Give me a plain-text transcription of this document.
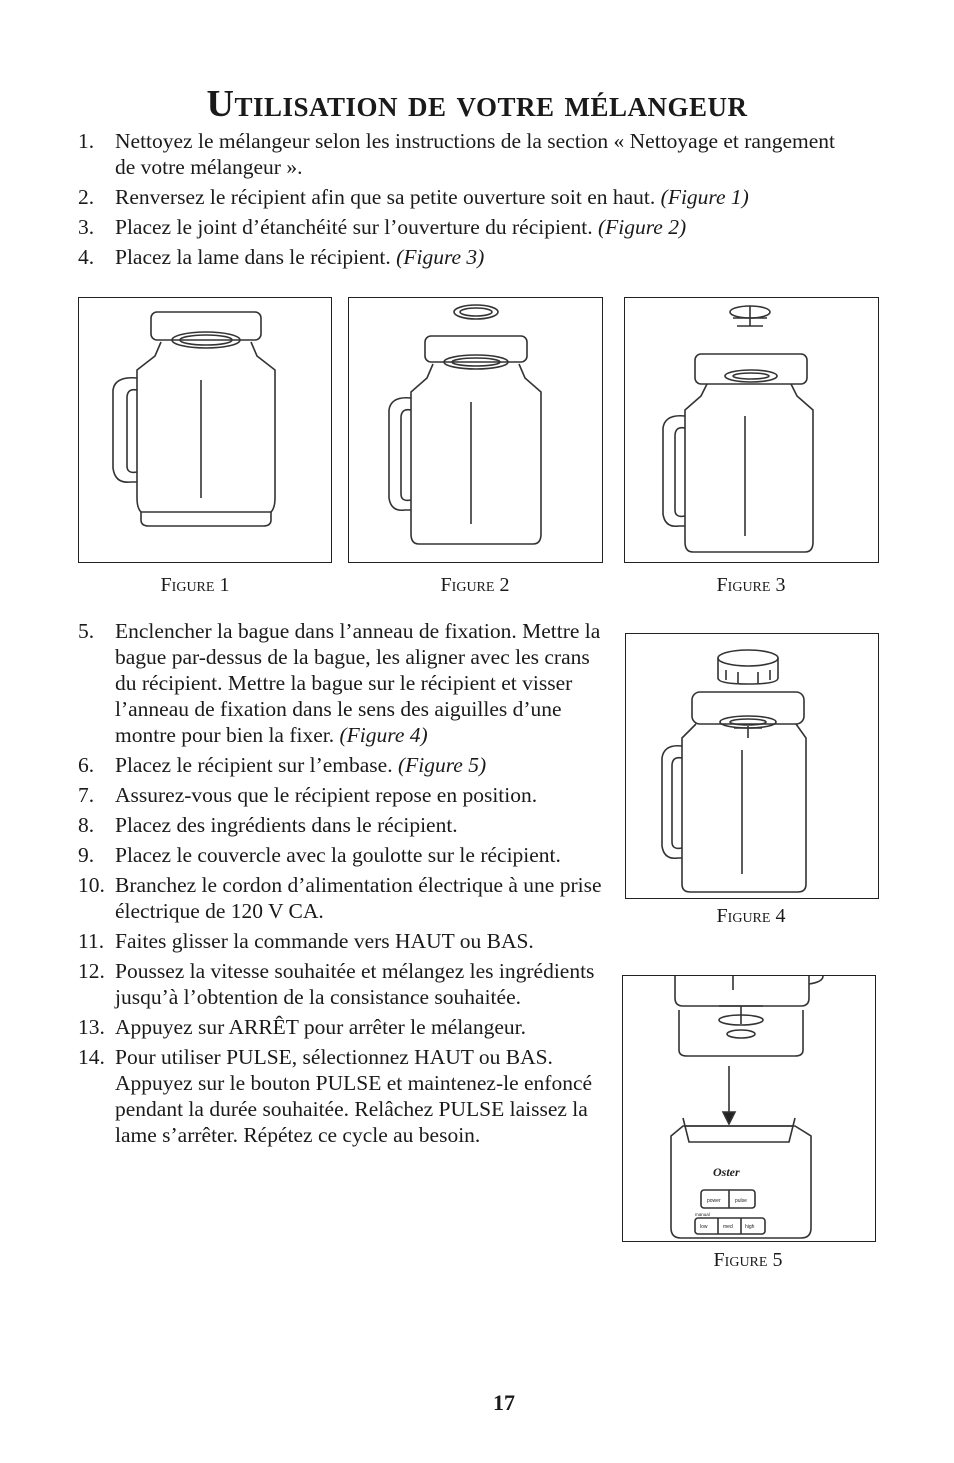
Utilisation de votre mélangeur
1. Nettoyez le mélangeur selon les instructions de la section « Nettoyage et rangement de votre mélangeur ».
2. Renversez le récipient afin que sa petite ouverture soit en haut. (Figure 1)
3. Placez le joint d’étanchéité sur l’ouverture du récipient. (Figure 2)
4. Placez la lame dans le récipient. (Figure 3)
Figure 1	Figure 2	Figure 3
5. Enclencher la bague dans l’anneau de fixation. Mettre la bague par-dessus de la bague, les aligner avec les crans du récipient. Mettre la bague sur le récipient et visser l’anneau de fixation dans le sens des aiguilles d’une montre pour bien la fixer. (Figure 4)
6. Placez le récipient sur l’embase. (Figure 5)
7. Assurez-vous que le récipient repose en position.
8. Placez des ingrédients dans le récipient.
9. Placez le couvercle avec la goulotte sur le récipient.
10. Branchez le cordon d’alimentation électrique à une prise électrique de 120 V CA.
11. Faites glisser la commande vers HAUT ou BAS.
12. Poussez la vitesse souhaitée et mélangez les ingrédients jusqu’à l’obtention de la consistance souhaitée.
13. Appuyez sur ARRÊT pour arrêter le mélangeur.
14. Pour utiliser PULSE, sélectionnez HAUT ou BAS. Appuyez sur le bouton PULSE et maintenez-le enfoncé pendant la durée souhaitée. Relâchez PULSE laissez la lame s’arrêter. Répétez ce cycle au besoin.
Figure 4
Oster
power	pulse
manual
low	med high
Figure 5
17
